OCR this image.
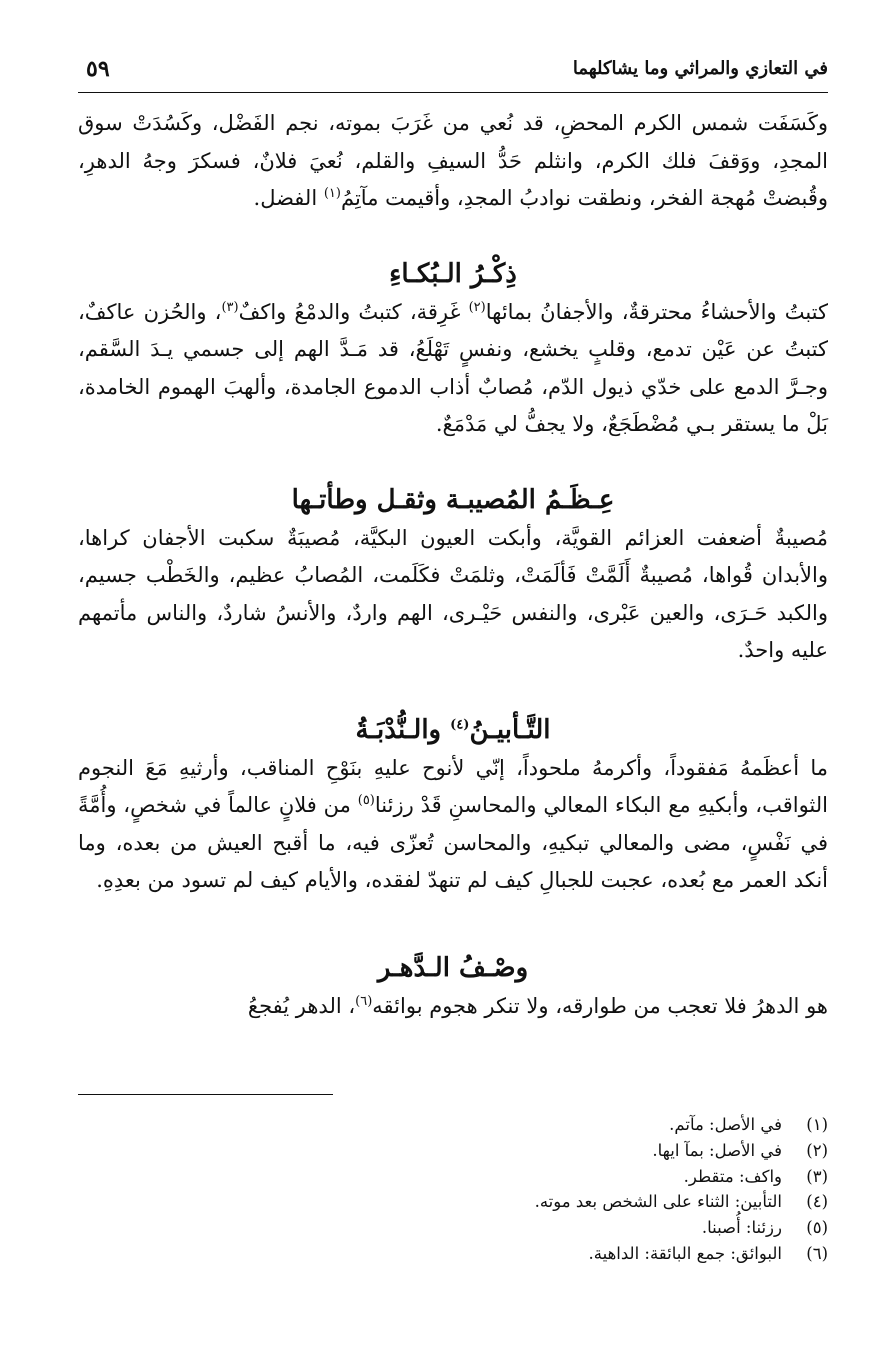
في التعازي والمراثي وما يشاكلهما
٥٩

وكَسَفَت شمس الكرم المحضِ، قد نُعي من غَرَبَ بموته، نجم الفَضْل، وكَسُدَتْ سوق المجدِ، ووَقفَ فلك الكرم، وانثلم حَدُّ السيفِ والقلم، نُعيَ فلانٌ، فسكرَ وجهُ الدهرِ، وقُبضتْ مُهجة الفخر، ونطقت نوادبُ المجدِ، وأقيمت مآتِمُ$^{(١)}$ الفضل.

ذِكْـرُ الـبُكـاءِ

كتبتُ والأحشاءُ محترقةٌ، والأجفانُ بمائها$^{(٢)}$ غَرِقة، كتبتُ والدمْعُ واكفٌ$^{(٣)}$، والحُزن عاكفٌ، كتبتُ عن عَيْن تدمع، وقلبٍ يخشع، ونفسٍ تَهْلَعُ، قد مَـدَّ الهم إلى جسمي يـدَ السَّقم، وجـرَّ الدمع على خدّي ذيول الدّم، مُصابٌ أذاب الدموع الجامدة، وألهبَ الهموم الخامدة، بَلْ ما يستقر بـي مُضْطَجَعٌ، ولا يجفُّ لي مَدْمَعٌ.

عِـظَـمُ المُصيبـة وثقـل وطأتـها

مُصيبةٌ أضعفت العزائم القويَّة، وأبكت العيون البكيَّة، مُصيبَةٌ سكبت الأجفان كراها، والأبدان قُواها، مُصيبةٌ أَلَمَّتْ فَألَمَتْ، وثلمَتْ فكَلَمت، المُصابُ عظيم، والخَطْب جسيم، والكبد حَـرَى، والعين عَبْرى، والنفس حَيْـرى، الهم واردٌ، والأنسُ شاردٌ، والناس مأتمهم عليه واحدٌ.

التَّـأبيـنُ$^{(٤)}$ والـنُّدْبَـةُ

ما أعظَمهُ مَفقوداً، وأكرمهُ ملحوداً، إنّي لأنوح عليهِ بنَوْحِ المناقب، وأرثيهِ مَعَ النجوم الثواقب، وأبكيهِ مع البكاء المعالي والمحاسنِ قَدْ رزئنا$^{(٥)}$ من فلانٍ عالماً في شخصٍ، وأُمَّةً في نَفْسٍ، مضى والمعالي تبكيهِ، والمحاسن تُعزّى فيه، ما أقبح العيش من بعده، وما أنكد العمر مع بُعده، عجبت للجبالِ كيف لم تنهدّ لفقده، والأيام كيف لم تسود من بعدِهِ.

وصْـفُ الـدَّهـر

هو الدهرُ فلا تعجب من طوارقه، ولا تنكر هجوم بوائقه$^{(٦)}$، الدهر يُفجعُ

(١)
في الأصل: مآتم.
(٢)
في الأصل: بمآ ايها.
(٣)
واكف: متقطر.
(٤)
التأبين: الثناء على الشخص بعد موته.
(٥)
رزئنا: أُصبنا.
(٦)
البوائق: جمع البائقة: الداهية.
